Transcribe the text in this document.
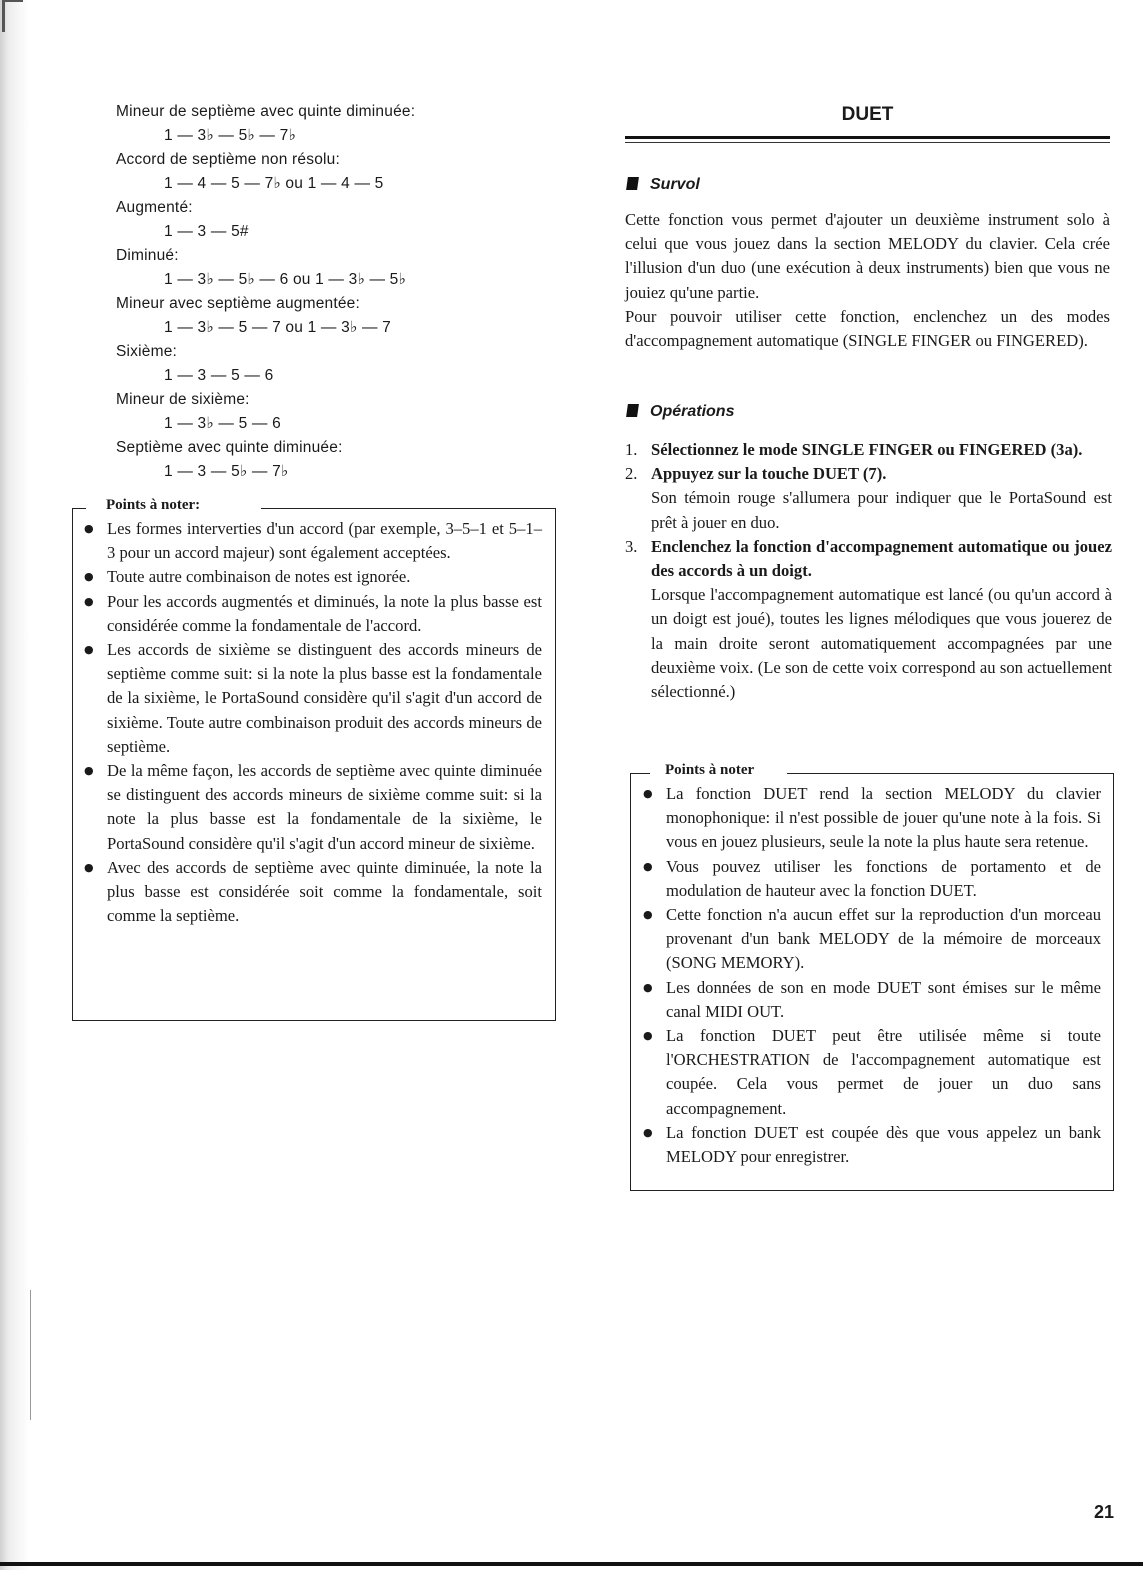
Mineur de septième avec quinte diminuée:
1 — 3♭ — 5♭ — 7♭
Accord de septième non résolu:
1 — 4 — 5 — 7♭ ou 1 — 4 — 5
Augmenté:
1 — 3 — 5#
Diminué:
1 — 3♭ — 5♭ — 6 ou 1 — 3♭ — 5♭
Mineur avec septième augmentée:
1 — 3♭ — 5 — 7 ou 1 — 3♭ — 7
Sixième:
1 — 3 — 5 — 6
Mineur de sixième:
1 — 3♭ — 5 — 6
Septième avec quinte diminuée:
1 — 3 — 5♭ — 7♭
Points à noter:
● Les formes interverties d'un accord (par exemple, 3–5–1 et 5–1–3 pour un accord majeur) sont également acceptées.
● Toute autre combinaison de notes est ignorée.
● Pour les accords augmentés et diminués, la note la plus basse est considérée comme la fondamentale de l'accord.
● Les accords de sixième se distinguent des accords mineurs de septième comme suit: si la note la plus basse est la fondamentale de la sixième, le PortaSound considère qu'il s'agit d'un accord de sixième. Toute autre combinaison produit des accords mineurs de septième.
● De la même façon, les accords de septième avec quinte diminuée se distinguent des accords mineurs de sixième comme suit: si la note la plus basse est la fondamentale de la sixième, le PortaSound considère qu'il s'agit d'un accord mineur de sixième.
● Avec des accords de septième avec quinte diminuée, la note la plus basse est considérée soit comme la fondamentale, soit comme la septième.
DUET
Survol

Cette fonction vous permet d'ajouter un deuxième instrument solo à celui que vous jouez dans la section MELODY du clavier. Cela crée l'illusion d'un duo (une exécution à deux instruments) bien que vous ne jouiez qu'une partie.

Pour pouvoir utiliser cette fonction, enclenchez un des modes d'accompagnement automatique (SINGLE FINGER ou FINGERED).

Opérations
1. Sélectionnez le mode SINGLE FINGER ou FINGERED (3a).
2. Appuyez sur la touche DUET (7).
Son témoin rouge s'allumera pour indiquer que le PortaSound est prêt à jouer en duo.
3. Enclenchez la fonction d'accompagnement automatique ou jouez des accords à un doigt.
Lorsque l'accompagnement automatique est lancé (ou qu'un accord à un doigt est joué), toutes les lignes mélodiques que vous jouerez de la main droite seront automatiquement accompagnées par une deuxième voix. (Le son de cette voix correspond au son actuellement sélectionné.)
Points à noter
● La fonction DUET rend la section MELODY du clavier monophonique: il n'est possible de jouer qu'une note à la fois. Si vous en jouez plusieurs, seule la note la plus haute sera retenue.
● Vous pouvez utiliser les fonctions de portamento et de modulation de hauteur avec la fonction DUET.
● Cette fonction n'a aucun effet sur la reproduction d'un morceau provenant d'un bank MELODY de la mémoire de morceaux (SONG MEMORY).
● Les données de son en mode DUET sont émises sur le même canal MIDI OUT.
● La fonction DUET peut être utilisée même si toute l'ORCHESTRATION de l'accompagnement automatique est coupée. Cela vous permet de jouer un duo sans accompagnement.
● La fonction DUET est coupée dès que vous appelez un bank MELODY pour enregistrer.
21
